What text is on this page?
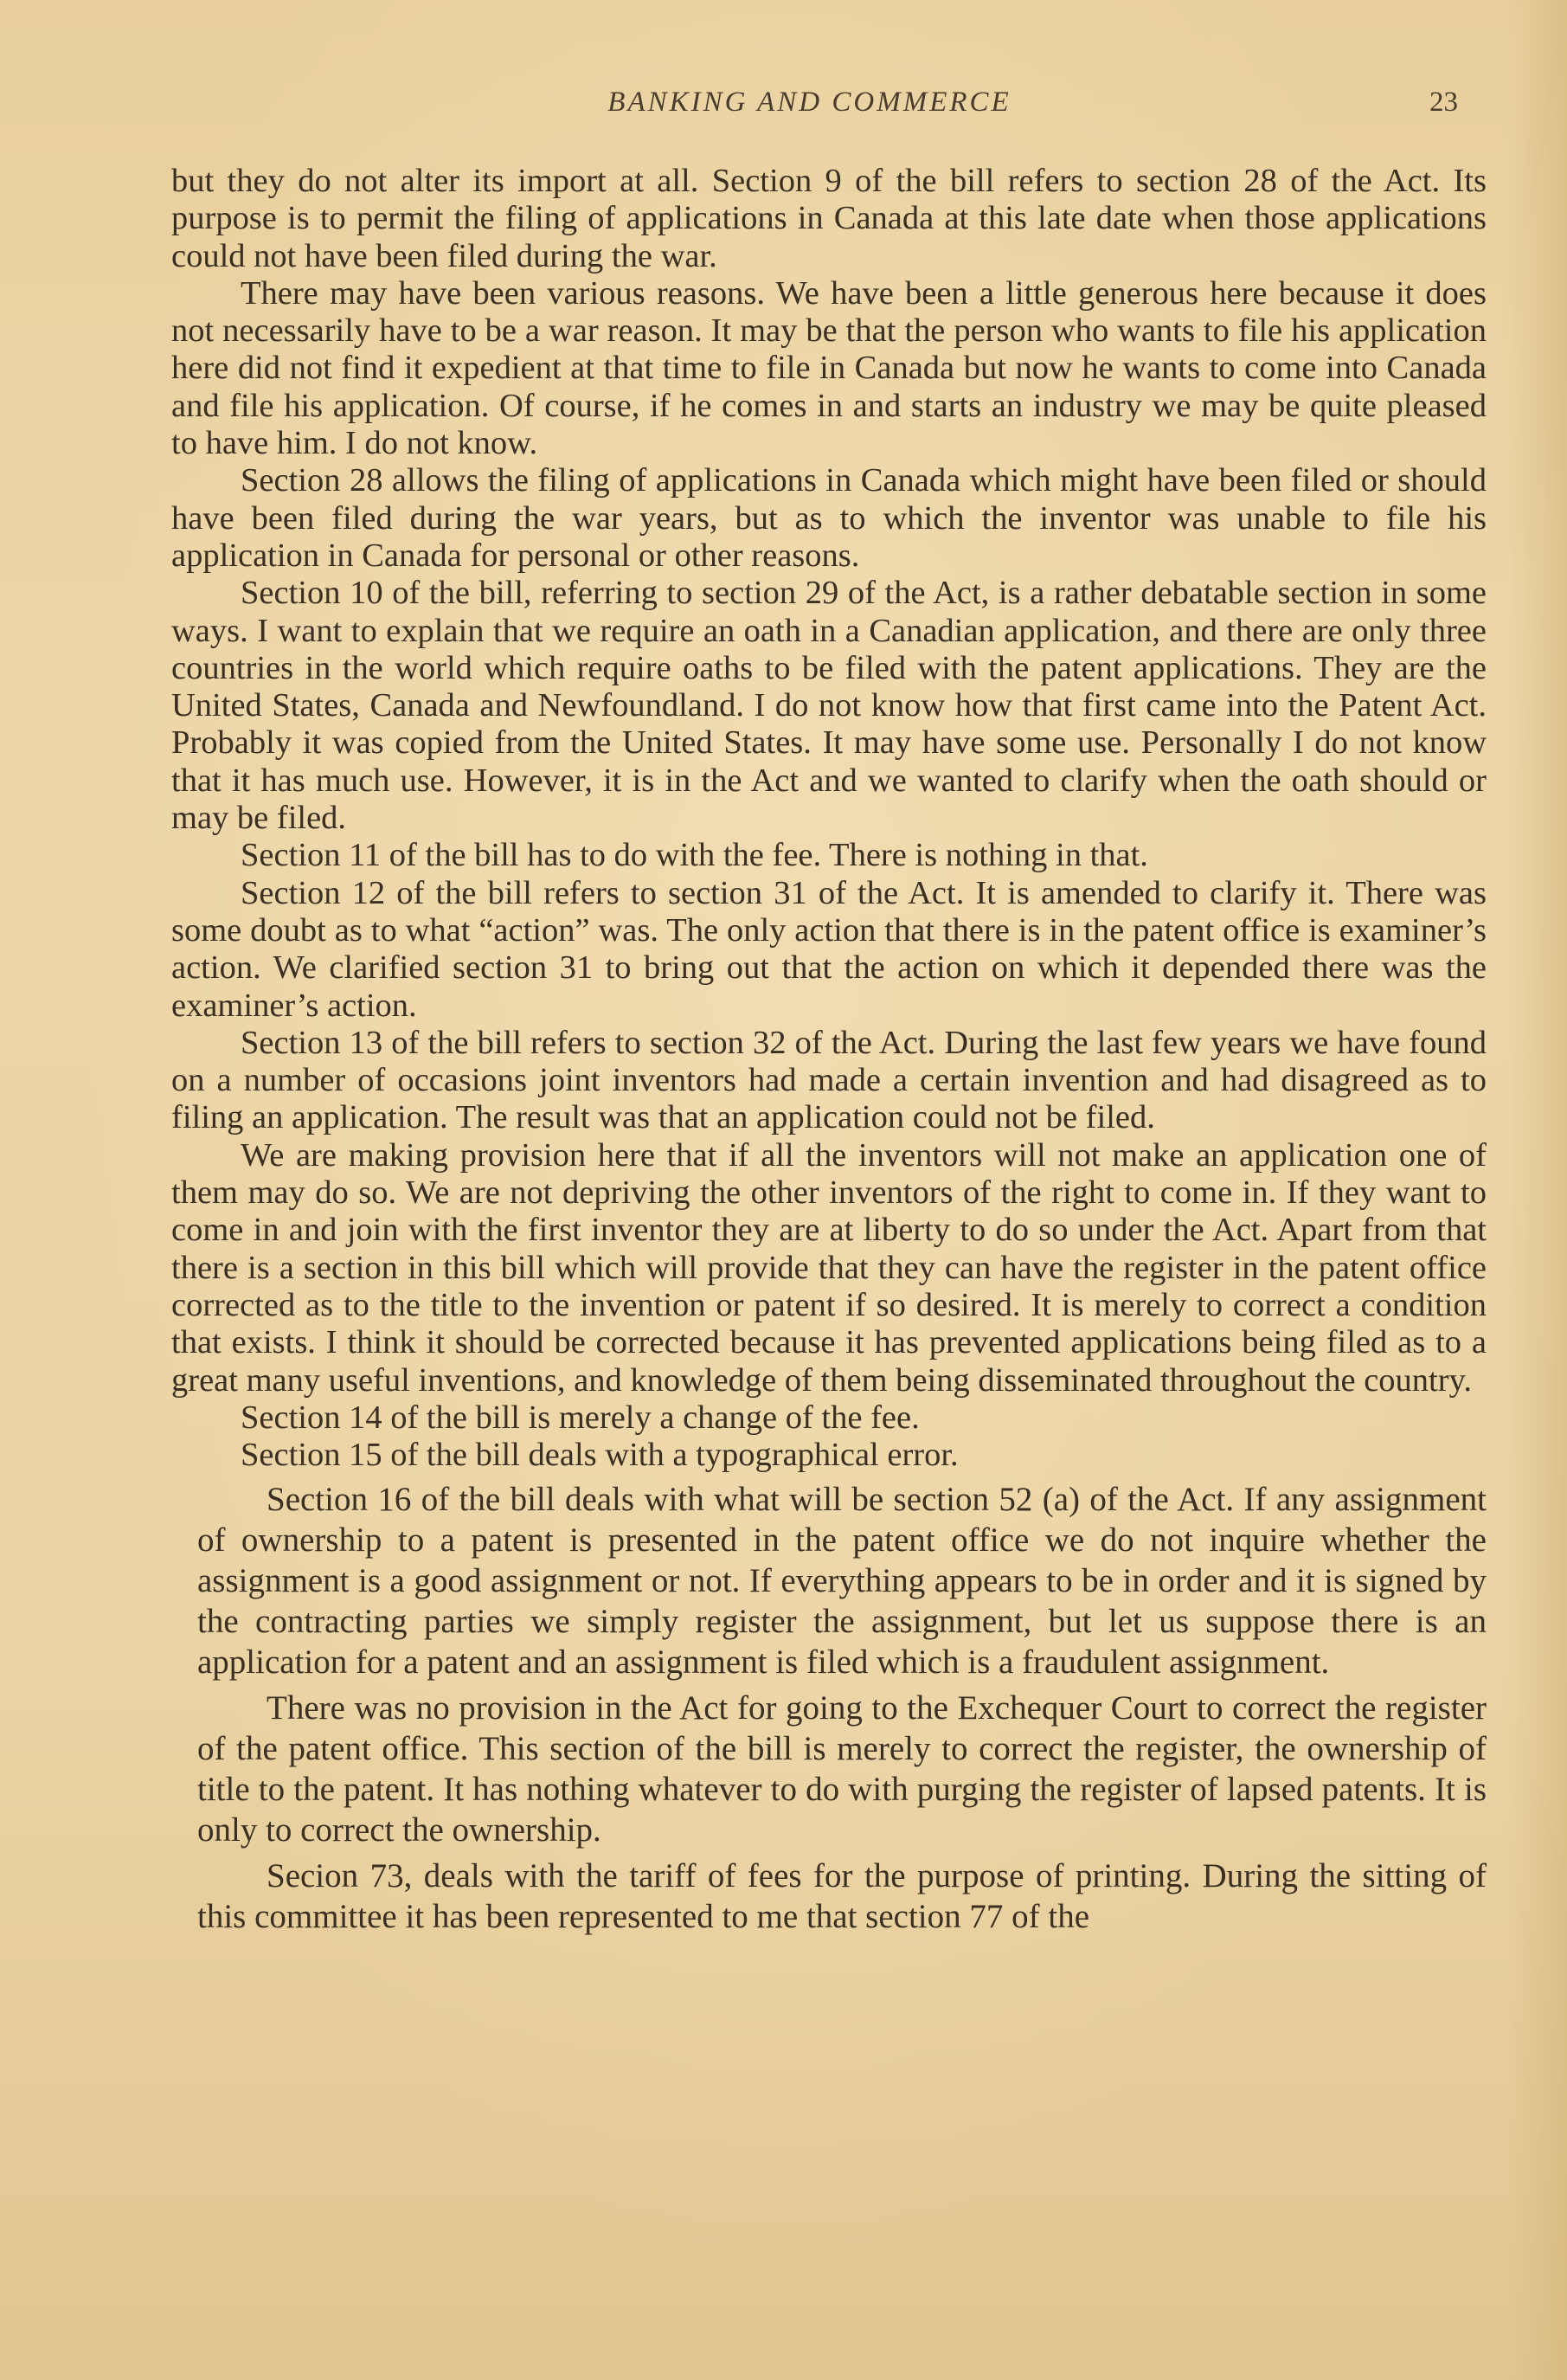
BANKING AND COMMERCE	23

but they do not alter its import at all. Section 9 of the bill refers to section 28 of the Act. Its purpose is to permit the filing of applications in Canada at this late date when those applications could not have been filed during the war.

There may have been various reasons. We have been a little generous here because it does not necessarily have to be a war reason. It may be that the person who wants to file his application here did not find it expedient at that time to file in Canada but now he wants to come into Canada and file his application. Of course, if he comes in and starts an industry we may be quite pleased to have him. I do not know.

Section 28 allows the filing of applications in Canada which might have been filed or should have been filed during the war years, but as to which the inventor was unable to file his application in Canada for personal or other reasons.

Section 10 of the bill, referring to section 29 of the Act, is a rather debatable section in some ways. I want to explain that we require an oath in a Canadian application, and there are only three countries in the world which require oaths to be filed with the patent applications. They are the United States, Canada and Newfoundland. I do not know how that first came into the Patent Act. Probably it was copied from the United States. It may have some use. Personally I do not know that it has much use. However, it is in the Act and we wanted to clarify when the oath should or may be filed.

Section 11 of the bill has to do with the fee. There is nothing in that.

Section 12 of the bill refers to section 31 of the Act. It is amended to clarify it. There was some doubt as to what “action” was. The only action that there is in the patent office is examiner’s action. We clarified section 31 to bring out that the action on which it depended there was the examiner’s action.

Section 13 of the bill refers to section 32 of the Act. During the last few years we have found on a number of occasions joint inventors had made a certain invention and had disagreed as to filing an application. The result was that an application could not be filed.

We are making provision here that if all the inventors will not make an application one of them may do so. We are not depriving the other inventors of the right to come in. If they want to come in and join with the first inventor they are at liberty to do so under the Act. Apart from that there is a section in this bill which will provide that they can have the register in the patent office corrected as to the title to the invention or patent if so desired. It is merely to correct a condition that exists. I think it should be corrected because it has prevented applications being filed as to a great many useful inventions, and knowledge of them being disseminated throughout the country.

Section 14 of the bill is merely a change of the fee.

Section 15 of the bill deals with a typographical error.

Section 16 of the bill deals with what will be section 52 (a) of the Act. If any assignment of ownership to a patent is presented in the patent office we do not inquire whether the assignment is a good assignment or not. If everything appears to be in order and it is signed by the contracting parties we simply register the assignment, but let us suppose there is an application for a patent and an assignment is filed which is a fraudulent assignment.

There was no provision in the Act for going to the Exchequer Court to correct the register of the patent office. This section of the bill is merely to correct the register, the ownership of title to the patent. It has nothing whatever to do with purging the register of lapsed patents. It is only to correct the ownership.

Secion 73, deals with the tariff of fees for the purpose of printing. During the sitting of this committee it has been represented to me that section 77 of the
